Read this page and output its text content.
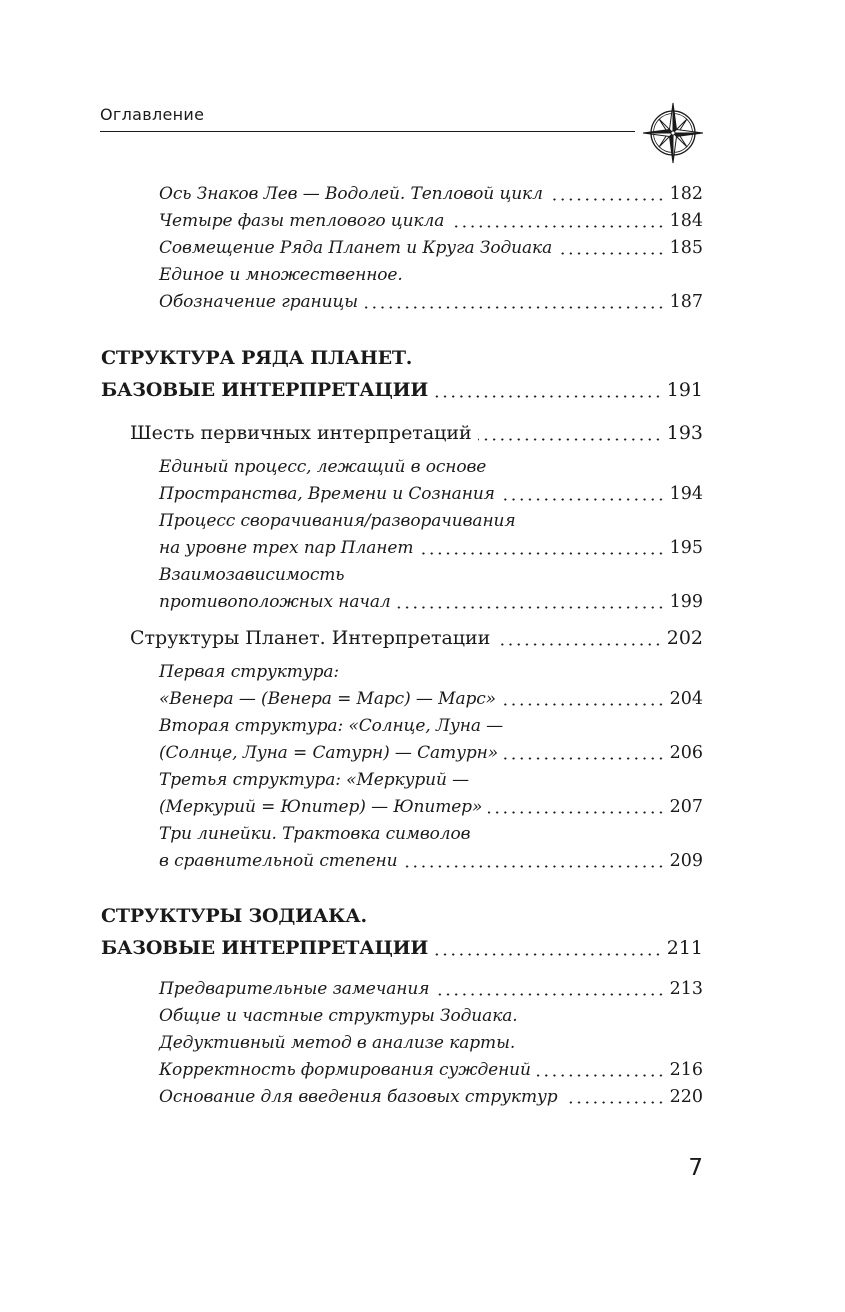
Оглавление
Ось Знаков Лев — Водолей. Тепловой цикл	182
Четыре фазы теплового цикла	184
Совмещение Ряда Планет и Круга Зодиака	185
Единое и множественное.
Обозначение границы	187
СТРУКТУРА РЯДА ПЛАНЕТ.
БАЗОВЫЕ ИНТЕРПРЕТАЦИИ	191
Шесть первичных интерпретаций	193
Единый процесс, лежащий в основе
Пространства, Времени и Сознания	194
Процесс сворачивания/разворачивания
на уровне трех пар Планет	195
Взаимозависимость
противоположных начал	199
Структуры Планет. Интерпретации	202
Первая структура:
«Венера — (Венера = Марс) — Марс»	204
Вторая структура: «Солнце, Луна —
(Солнце, Луна = Сатурн) — Сатурн»	206
Третья структура: «Меркурий —
(Меркурий = Юпитер) — Юпитер»	207
Три линейки. Трактовка символов
в сравнительной степени	209
СТРУКТУРЫ ЗОДИАКА.
БАЗОВЫЕ ИНТЕРПРЕТАЦИИ	211
Предварительные замечания	213
Общие и частные структуры Зодиака.
Дедуктивный метод в анализе карты.
Корректность формирования суждений	216
Основание для введения базовых структур	220
7
